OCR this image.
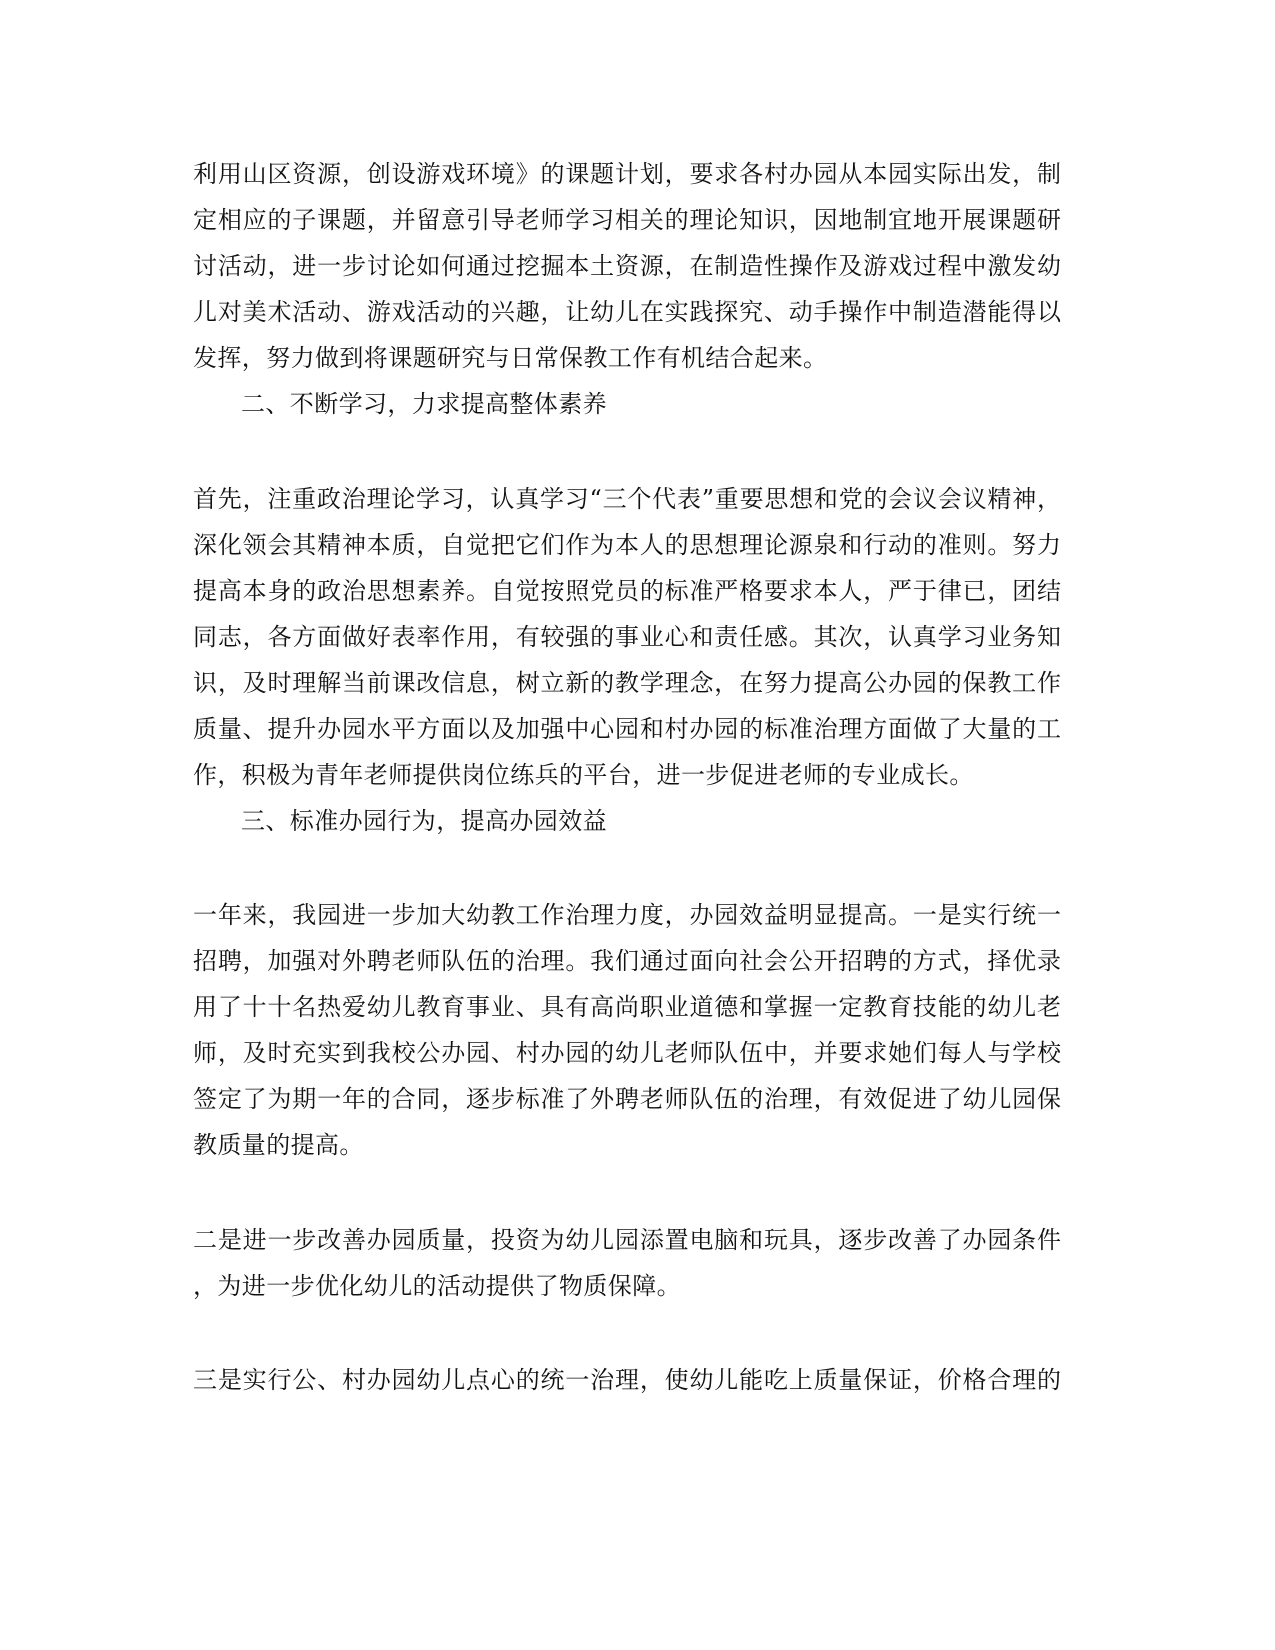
利用山区资源，创设游戏环境》的课题计划，要求各村办园从本园实际出发，制
定相应的子课题，并留意引导老师学习相关的理论知识，因地制宜地开展课题研
讨活动，进一步讨论如何通过挖掘本土资源，在制造性操作及游戏过程中激发幼
儿对美术活动、游戏活动的兴趣，让幼儿在实践探究、动手操作中制造潜能得以
发挥，努力做到将课题研究与日常保教工作有机结合起来。
二、不断学习，力求提高整体素养
首先，注重政治理论学习，认真学习“三个代表”重要思想和党的会议会议精神，
深化领会其精神本质，自觉把它们作为本人的思想理论源泉和行动的准则。努力
提高本身的政治思想素养。自觉按照党员的标准严格要求本人，严于律已，团结
同志，各方面做好表率作用，有较强的事业心和责任感。其次，认真学习业务知
识，及时理解当前课改信息，树立新的教学理念，在努力提高公办园的保教工作
质量、提升办园水平方面以及加强中心园和村办园的标准治理方面做了大量的工
作，积极为青年老师提供岗位练兵的平台，进一步促进老师的专业成长。
三、标准办园行为，提高办园效益
一年来，我园进一步加大幼教工作治理力度，办园效益明显提高。一是实行统一
招聘，加强对外聘老师队伍的治理。我们通过面向社会公开招聘的方式，择优录
用了十十名热爱幼儿教育事业、具有高尚职业道德和掌握一定教育技能的幼儿老
师，及时充实到我校公办园、村办园的幼儿老师队伍中，并要求她们每人与学校
签定了为期一年的合同，逐步标准了外聘老师队伍的治理，有效促进了幼儿园保
教质量的提高。
二是进一步改善办园质量，投资为幼儿园添置电脑和玩具，逐步改善了办园条件
，为进一步优化幼儿的活动提供了物质保障。
三是实行公、村办园幼儿点心的统一治理，使幼儿能吃上质量保证，价格合理的
